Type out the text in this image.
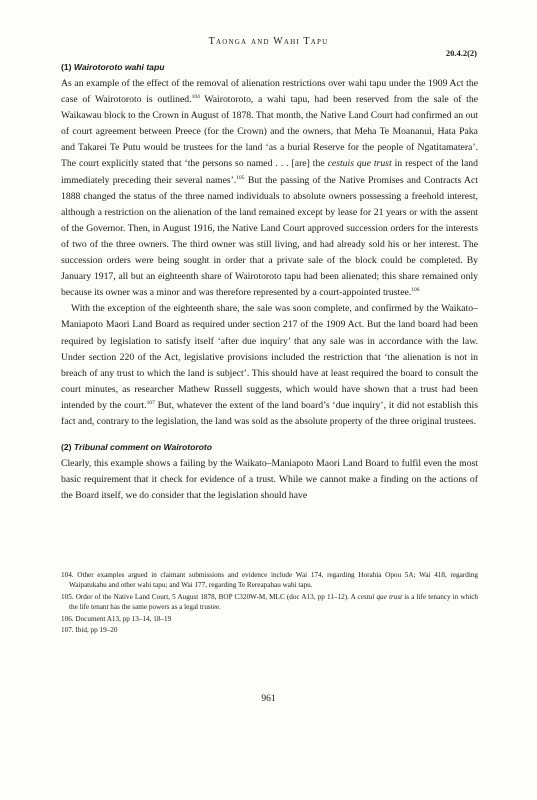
Taonga and Wahi Tapu
20.4.2(2)

(1) Wairotoroto wahi tapu

As an example of the effect of the removal of alienation restrictions over wahi tapu under the 1909 Act the case of Wairotoroto is outlined.$^{104}$ Wairotoroto, a wahi tapu, had been reserved from the sale of the Waikawau block to the Crown in August of 1878. That month, the Native Land Court had confirmed an out of court agreement between Preece (for the Crown) and the owners, that Meha Te Moananui, Hata Paka and Takarei Te Putu would be trustees for the land ‘as a burial Reserve for the people of Ngatitamatera’. The court explicitly stated that ‘the persons so named . . . [are] the cestuis que trust in respect of the land immediately preceding their several names’.$^{105}$ But the passing of the Native Promises and Contracts Act 1888 changed the status of the three named individuals to absolute owners possessing a freehold interest, although a restriction on the alienation of the land remained except by lease for 21 years or with the assent of the Governor. Then, in August 1916, the Native Land Court approved succession orders for the interests of two of the three owners. The third owner was still living, and had already sold his or her interest. The succession orders were being sought in order that a private sale of the block could be completed. By January 1917, all but an eighteenth share of Wairotoroto tapu had been alienated; this share remained only because its owner was a minor and was therefore represented by a court-appointed trustee.$^{106}$

With the exception of the eighteenth share, the sale was soon complete, and confirmed by the Waikato–Maniapoto Maori Land Board as required under section 217 of the 1909 Act. But the land board had been required by legislation to satisfy itself ‘after due inquiry’ that any sale was in accordance with the law. Under section 220 of the Act, legislative provisions included the restriction that ‘the alienation is not in breach of any trust to which the land is subject’. This should have at least required the board to consult the court minutes, as researcher Mathew Russell suggests, which would have shown that a trust had been intended by the court.$^{107}$ But, whatever the extent of the land board’s ‘due inquiry’, it did not establish this fact and, contrary to the legislation, the land was sold as the absolute property of the three original trustees.

(2) Tribunal comment on Wairotoroto

Clearly, this example shows a failing by the Waikato–Maniapoto Maori Land Board to fulfil even the most basic requirement that it check for evidence of a trust. While we cannot make a finding on the actions of the Board itself, we do consider that the legislation should have

104. Other examples argued in claimant submissions and evidence include Wai 174, regarding Horahia Opou 5A; Wai 418, regarding Waipatukahu and other wahi tapu; and Wai 177, regarding Te Rereapahau wahi tapu.

105. Order of the Native Land Court, 5 August 1878, BOP C320W-M, MLC (doc A13, pp 11–12). A cestui que trust is a life tenancy in which the life tenant has the same powers as a legal trustee.

106. Document A13, pp 13–14, 18–19

107. Ibid, pp 19–20

961
